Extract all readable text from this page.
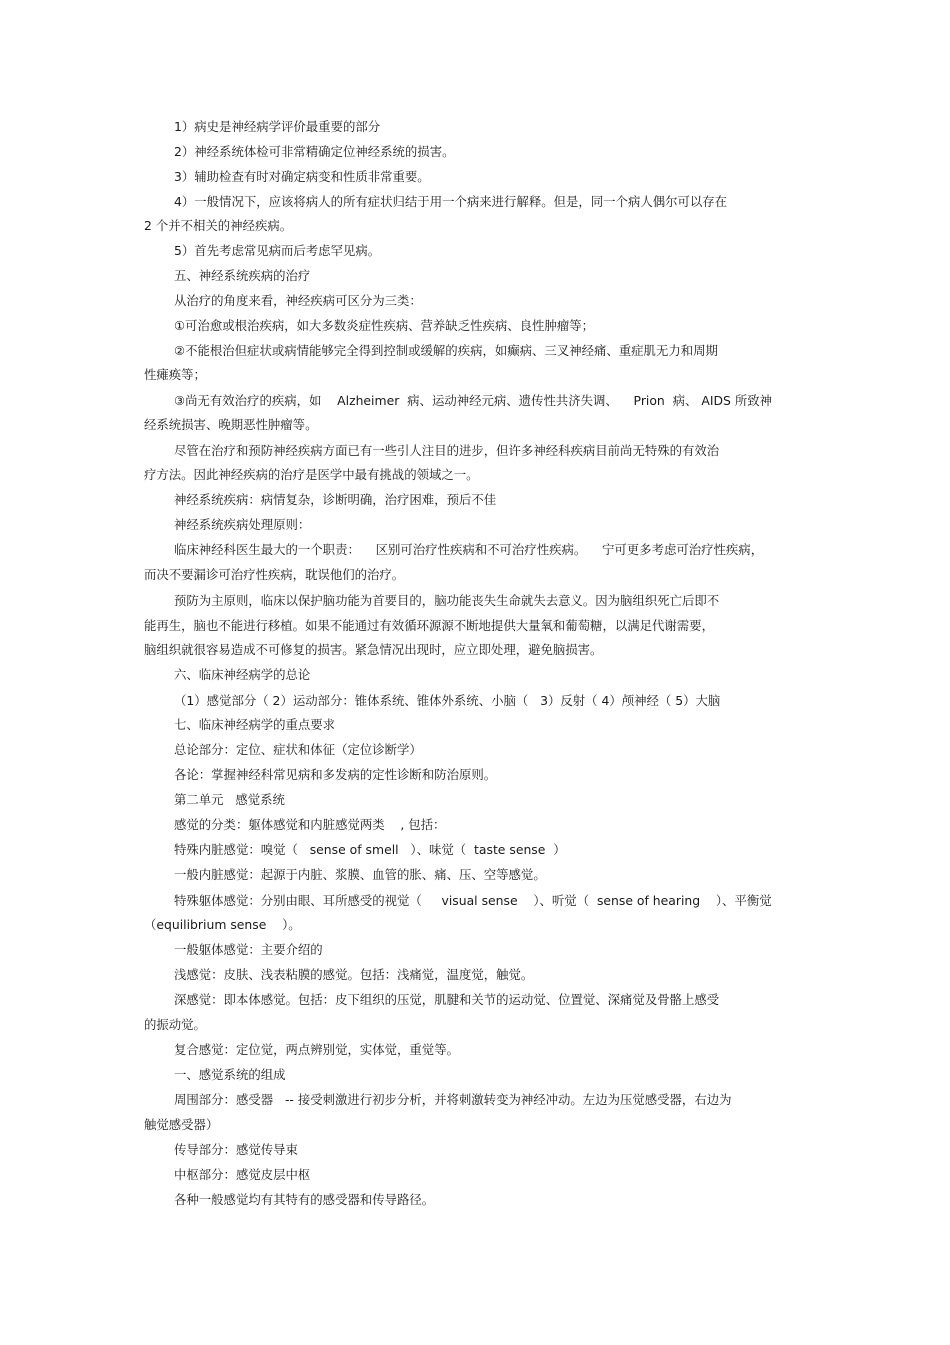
1）病史是神经病学评价最重要的部分
2）神经系统体检可非常精确定位神经系统的损害。
3）辅助检查有时对确定病变和性质非常重要。
4）一般情况下，应该将病人的所有症状归结于用一个病来进行解释。但是，同一个病人偶尔可以存在
2 个并不相关的神经疾病。
5）首先考虑常见病而后考虑罕见病。
五、神经系统疾病的治疗
从治疗的角度来看，神经疾病可区分为三类：
①可治愈或根治疾病，如大多数炎症性疾病、营养缺乏性疾病、良性肿瘤等；
②不能根治但症状或病情能够完全得到控制或缓解的疾病，如癫病、三叉神经痛、重症肌无力和周期
性瘫痪等；
③尚无有效治疗的疾病，如    Alzheimer  病、运动神经元病、遗传性共济失调、    Prion  病、 AIDS 所致神
经系统损害、晚期恶性肿瘤等。
尽管在治疗和预防神经疾病方面已有一些引人注目的进步，但许多神经科疾病目前尚无特殊的有效治
疗方法。因此神经疾病的治疗是医学中最有挑战的领域之一。
神经系统疾病：病情复杂，诊断明确，治疗困难，预后不佳
神经系统疾病处理原则：
临床神经科医生最大的一个职责：    区别可治疗性疾病和不可治疗性疾病。    宁可更多考虑可治疗性疾病，
而决不要漏诊可治疗性疾病，耽误他们的治疗。
预防为主原则，临床以保护脑功能为首要目的，脑功能丧失生命就失去意义。因为脑组织死亡后即不
能再生，脑也不能进行移植。如果不能通过有效循环源源不断地提供大量氧和葡萄糖，以满足代谢需要，
脑组织就很容易造成不可修复的损害。紧急情况出现时，应立即处理，避免脑损害。
六、临床神经病学的总论
（1）感觉部分（ 2）运动部分：锥体系统、锥体外系统、小脑（   3）反射（ 4）颅神经（ 5）大脑
七、临床神经病学的重点要求
总论部分：定位、症状和体征（定位诊断学）
各论：掌握神经科常见病和多发病的定性诊断和防治原则。
第二单元   感觉系统
感觉的分类：躯体感觉和内脏感觉两类    , 包括：
特殊内脏感觉：嗅觉（   sense of smell   ）、味觉（  taste sense  ）
一般内脏感觉：起源于内脏、浆膜、血管的胀、痛、压、空等感觉。
特殊躯体感觉：分别由眼、耳所感受的视觉（     visual sense    ）、听觉（  sense of hearing    ）、平衡觉
（equilibrium sense    ）。
一般躯体感觉：主要介绍的
浅感觉：皮肤、浅表粘膜的感觉。包括：浅痛觉，温度觉，触觉。
深感觉：即本体感觉。包括：皮下组织的压觉，肌腱和关节的运动觉、位置觉、深痛觉及骨骼上感受
的振动觉。
复合感觉：定位觉，两点辨别觉，实体觉，重觉等。
一、感觉系统的组成
周围部分：感受器   -- 接受刺激进行初步分析，并将刺激转变为神经冲动。左边为压觉感受器，右边为
触觉感受器）
传导部分：感觉传导束
中枢部分：感觉皮层中枢
各种一般感觉均有其特有的感受器和传导路径。
